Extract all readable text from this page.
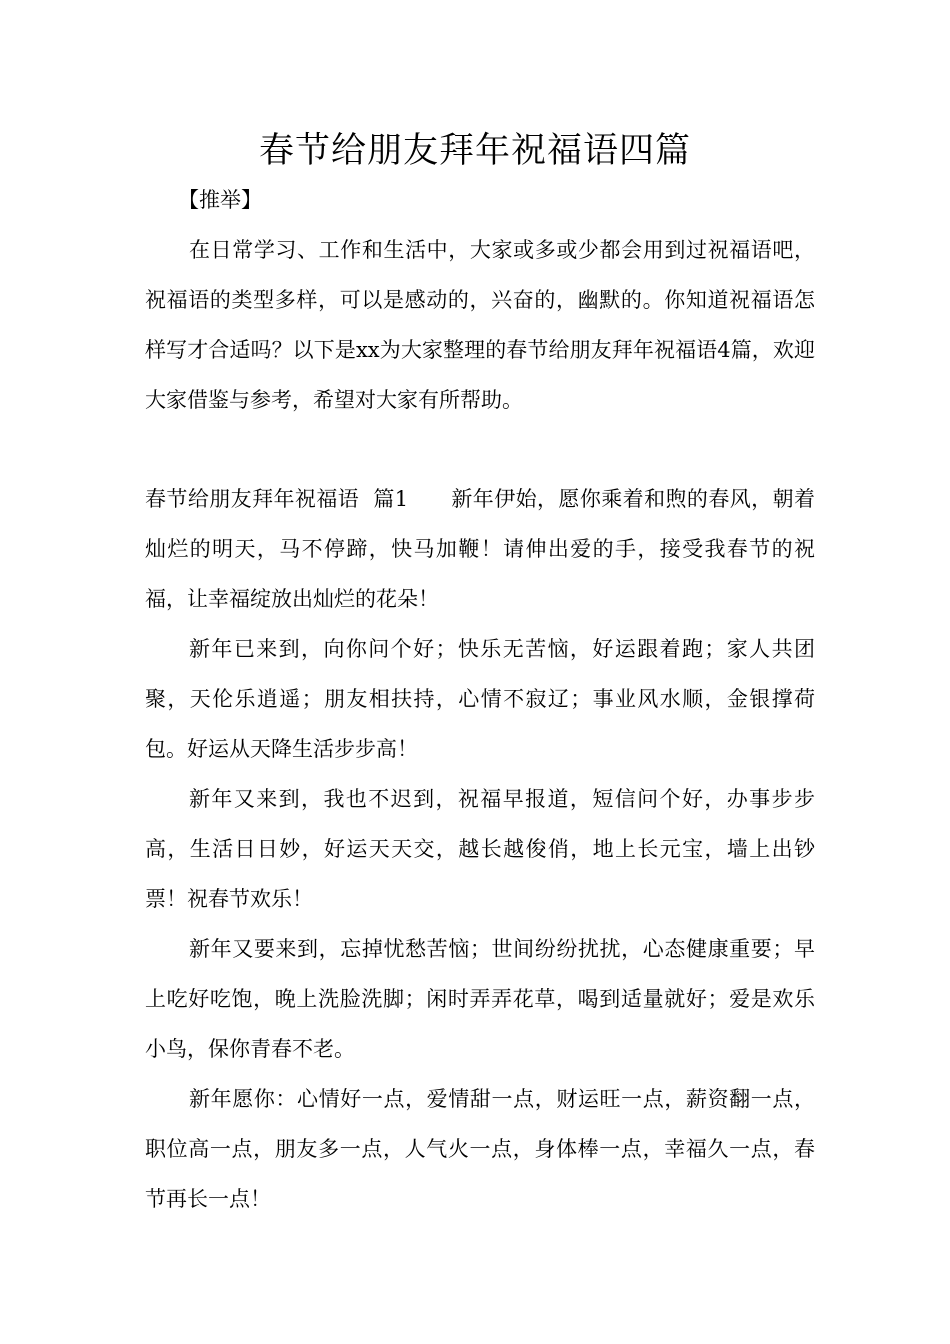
春节给朋友拜年祝福语四篇
【推举】

在日常学习、工作和生活中，大家或多或少都会用到过祝福语吧，祝福语的类型多样，可以是感动的，兴奋的，幽默的。你知道祝福语怎样写才合适吗？以下是xx为大家整理的春节给朋友拜年祝福语4篇，欢迎大家借鉴与参考，希望对大家有所帮助。

春节给朋友拜年祝福语  篇1　　 新年伊始，愿你乘着和煦的春风，朝着灿烂的明天，马不停蹄，快马加鞭！请伸出爱的手，接受我春节的祝福，让幸福绽放出灿烂的花朵！

新年已来到，向你问个好；快乐无苦恼，好运跟着跑；家人共团聚，天伦乐逍遥；朋友相扶持，心情不寂辽；事业风水顺，金银撑荷包。好运从天降生活步步高！

新年又来到，我也不迟到，祝福早报道，短信问个好，办事步步高，生活日日妙，好运天天交，越长越俊俏，地上长元宝，墙上出钞票！祝春节欢乐！

新年又要来到，忘掉忧愁苦恼；世间纷纷扰扰，心态健康重要；早上吃好吃饱，晚上洗脸洗脚；闲时弄弄花草，喝到适量就好；爱是欢乐小鸟，保你青春不老。

新年愿你：心情好一点，爱情甜一点，财运旺一点，薪资翻一点，职位高一点，朋友多一点，人气火一点，身体棒一点，幸福久一点，春节再长一点！
